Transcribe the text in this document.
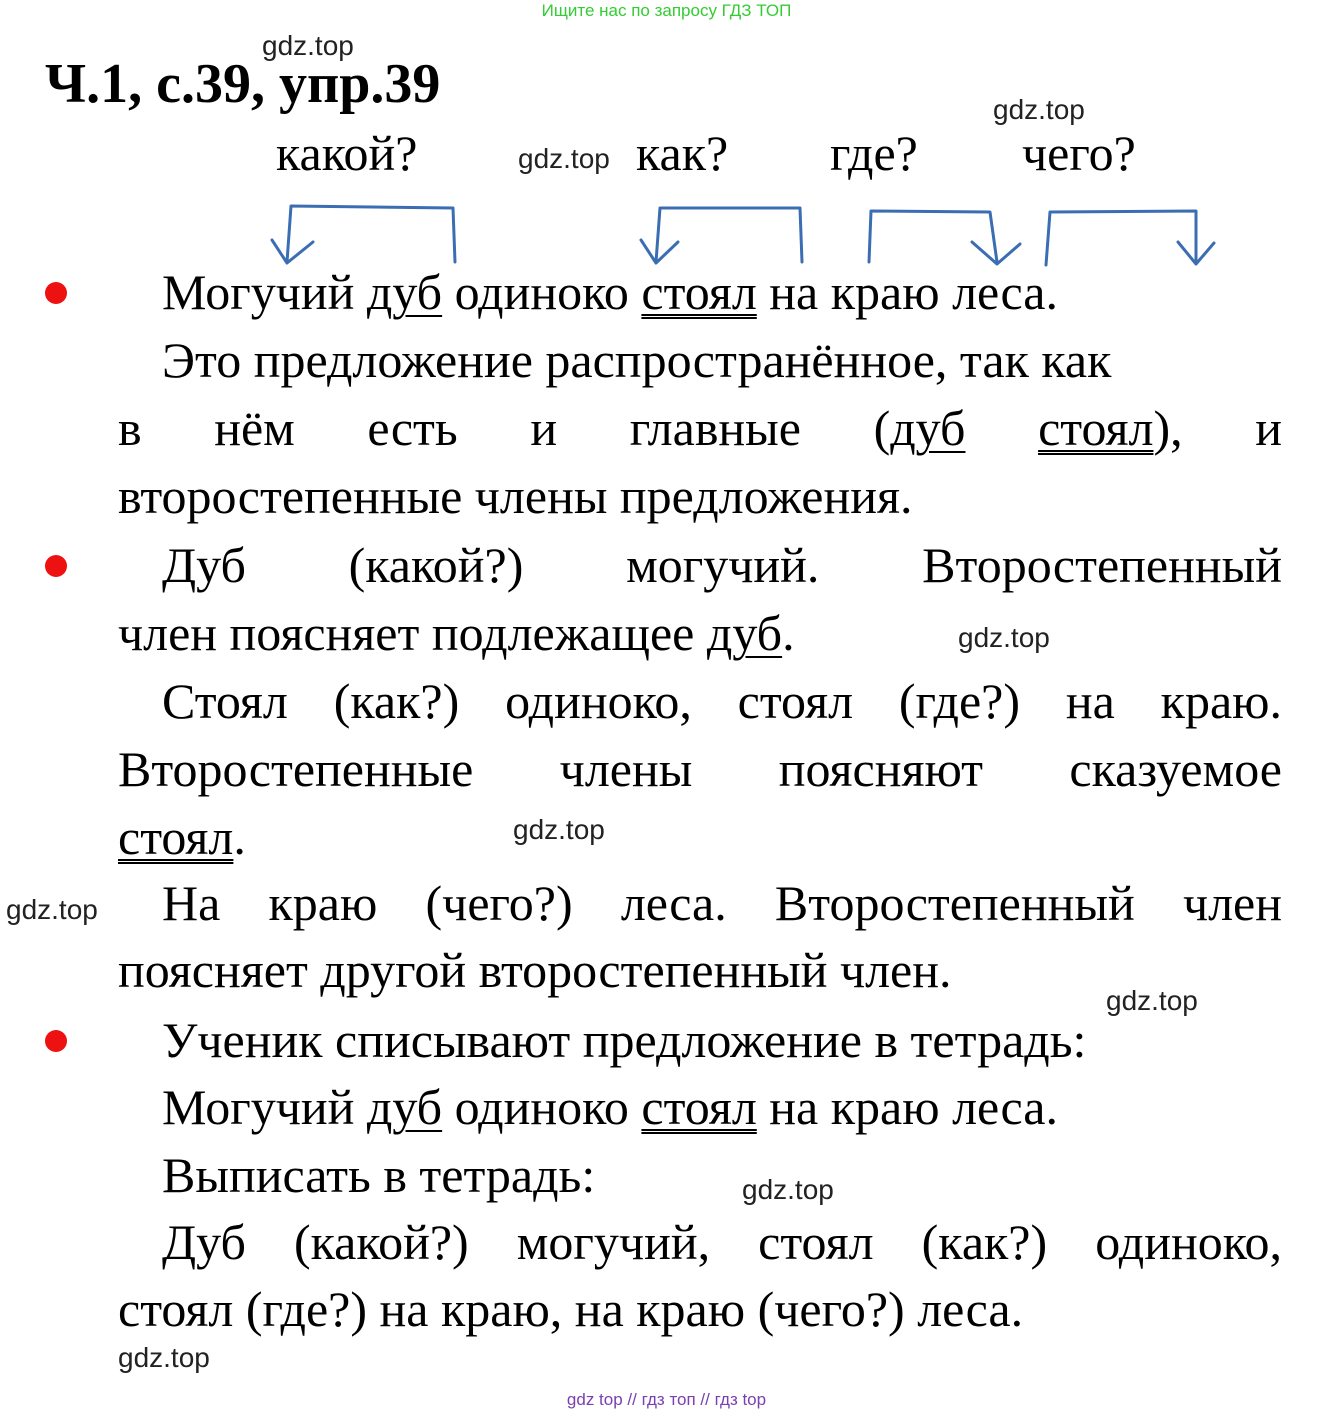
Ищите нас по запросу ГДЗ ТОП
gdz.top
Ч.1, с.39, упр.39	gdz.top
какой?	gdz.top как? где? чего?
Могучий дуб одиноко стоял на краю леса.
Это предложение распространённое, так как
в нём есть и главные (дуб стоял), и
второстепенные члены предложения.
Дуб (какой?) могучий. Второстепенный
член поясняет подлежащее дуб.	gdz.top
Стоял (как?) одиноко, стоял (где?) на краю.
Второстепенные члены поясняют сказуемое
стоял.	gdz.top
gdz.top На краю (чего?) леса. Второстепенный член
поясняет другой второстепенный член.
gdz.top
Ученик списывают предложение в тетрадь:
Могучий дуб одиноко стоял на краю леса.
Выписать в тетрадь:	gdz.top
Дуб (какой?) могучий, стоял (как?) одиноко,
стоял (где?) на краю, на краю (чего?) леса.
gdz.top
gdz top // гдз топ // гдз top
